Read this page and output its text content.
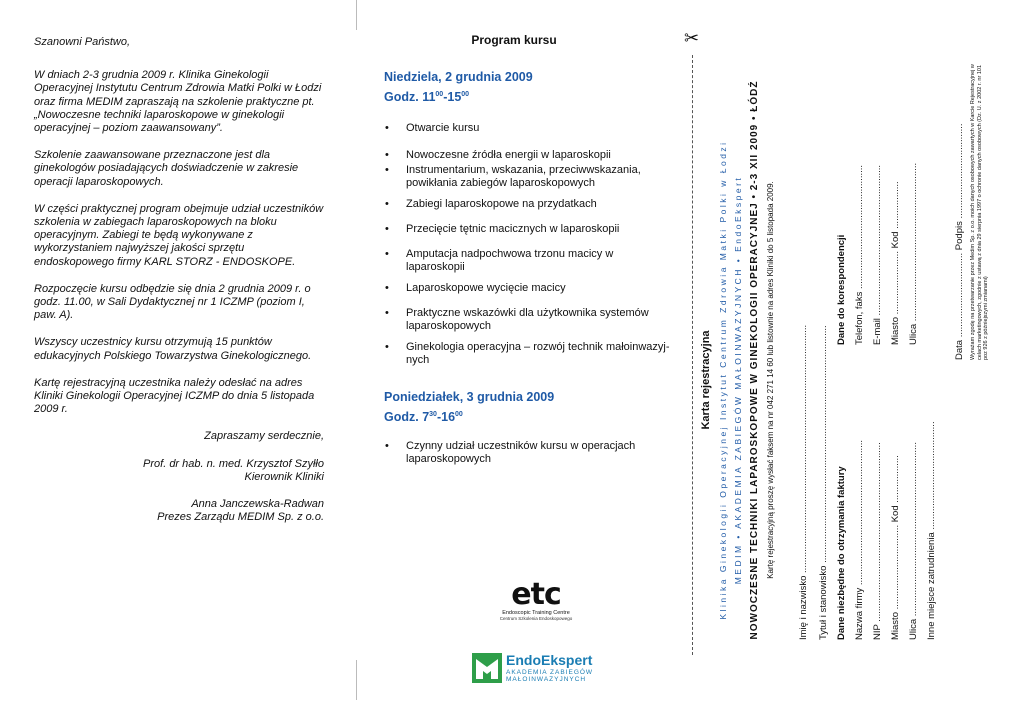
Szanowni Państwo,

W dniach 2-3 grudnia 2009 r. Klinika Ginekologii Operacyjnej Instytutu Centrum Zdrowia Matki Polki w Łodzi oraz firma MEDIM zapraszają na szkolenie praktyczne pt. „Nowoczesne techniki laparoskopowe w ginekologii operacyjnej – poziom zaawansowany”.

Szkolenie zaawansowane przeznaczone jest dla ginekologów posiadających doświadczenie w zakresie operacji laparoskopowych.

W części praktycznej program obejmuje udział uczestników szkolenia w zabiegach laparoskopowych na bloku operacyjnym. Zabiegi te będą wykonywane z wykorzystaniem najwyższej jakości sprzętu endoskopowego firmy KARL STORZ - ENDOSKOPE.

Rozpoczęcie kursu odbędzie się dnia 2 grudnia 2009 r. o godz. 11.00, w Sali Dydaktycznej nr 1 ICZMP (poziom I, paw. A).

Wszyscy uczestnicy kursu otrzymują 15 punktów edukacyjnych Polskiego Towarzystwa Ginekologicznego.

Kartę rejestracyjną uczestnika należy odesłać na adres Kliniki Ginekologii Operacyjnej ICZMP do dnia 5 listopada 2009 r.

Zapraszamy serdecznie,

Prof. dr hab. n. med. Krzysztof Szyłło

Kierownik Kliniki

Anna Janczewska-Radwan

Prezes Zarządu MEDIM Sp. z o.o.

Program kursu
Niedziela, 2 grudnia 2009
Godz. $11^{00}-15^{00}$
• Otwarcie kursu
• Nowoczesne źródła energii w laparoskopii
• Instrumentarium, wskazania, przeciwwskazania, powikłania zabiegów laparoskopowych
• Zabiegi laparoskopowe na przydatkach
• Przecięcie tętnic macicznych w laparoskopii
• Amputacja nadpochwowa trzonu macicy w laparoskopii
• Laparoskopowe wycięcie macicy
• Praktyczne wskazówki dla użytkownika systemów laparoskopowych
• Ginekologia operacyjna – rozwój technik małoinwazyj-nych
Poniedziałek, 3 grudnia 2009
Godz. $7^{30}-16^{00}$
• Czynny udział uczestników kursu w operacjach laparoskopowych
etc
Endoscopic Training Centre
Centrum Szkolenia Endoskopowego
EndoEkspert
AKADEMIA ZABIEGÓW
MAŁOINWAZYJNYCH
✂
Karta rejestracyjna Klinika Ginekologii Operacyjnej Instytut Centrum Zdrowia Matki Polki w Łodzi MEDIM • AKADEMIA ZABIEGÓW MAŁOINWAZYJNYCH • EndoEkspert NOWOCZESNE TECHNIKI LAPAROSKOPOWE W GINEKOLOGII OPERACYJNEJ • 2-3 XII 2009 • ŁÓDŹ Kartę rejestracyjną proszę wysłać faksem na nr 042 271 14 60 lub listownie na adres Kliniki do 5 listopada 2009. Imię i nazwisko .............................................................................................. Tytuł i stanowisko .......................................................................................... Dane niezbędne do otrzymania faktury Nazwa firmy ....................................................... NIP .................................................................... Miasto ................................ Kod .................. Ulica .................................................................. Inne miejsce zatrudnienia .........................................
Dane do korespondencji Telefon, faks ............................................... E-mail ......................................................... Miasto ........................ Kod .................. Ulica ............................................................	Data ................................ Podpis .................................... Wyrażam zgodę na przetwarzanie przez Medim Sp. z o.o. moich danych osobowych zawartych w Karcie Rejestracyjnej w celach marketingowych, zgodnie z ustawą z dnia 29 sierpnia 1997 o ochronie danych osobowych (Dz. U. z 2002 r. nr 101 poz 926 z późniejszymi zmianami)
